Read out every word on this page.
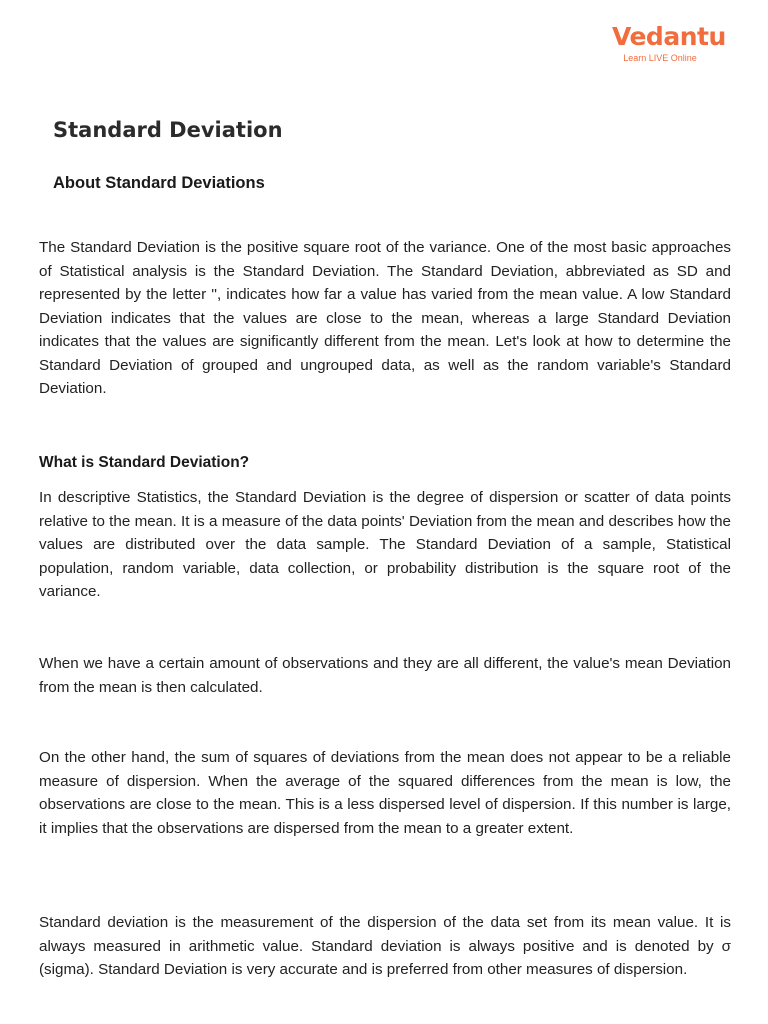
Vedantu
Learn LIVE Online
Standard Deviation
About Standard Deviations

The Standard Deviation is the positive square root of the variance. One of the most basic approaches of Statistical analysis is the Standard Deviation. The Standard Deviation, abbreviated as SD and represented by the letter '', indicates how far a value has varied from the mean value. A low Standard Deviation indicates that the values are close to the mean, whereas a large Standard Deviation indicates that the values are significantly different from the mean. Let's look at how to determine the Standard Deviation of grouped and ungrouped data, as well as the random variable's Standard Deviation.

What is Standard Deviation?

In descriptive Statistics, the Standard Deviation is the degree of dispersion or scatter of data points relative to the mean. It is a measure of the data points' Deviation from the mean and describes how the values are distributed over the data sample. The Standard Deviation of a sample, Statistical population, random variable, data collection, or probability distribution is the square root of the variance.

When we have a certain amount of observations and they are all different, the value's mean Deviation from the mean is then calculated.

On the other hand, the sum of squares of deviations from the mean does not appear to be a reliable measure of dispersion. When the average of the squared differences from the mean is low, the observations are close to the mean. This is a less dispersed level of dispersion. If this number is large, it implies that the observations are dispersed from the mean to a greater extent.

Standard deviation is the measurement of the dispersion of the data set from its mean value. It is always measured in arithmetic value. Standard deviation is always positive and is denoted by σ (sigma). Standard Deviation is very accurate and is preferred from other measures of dispersion.
